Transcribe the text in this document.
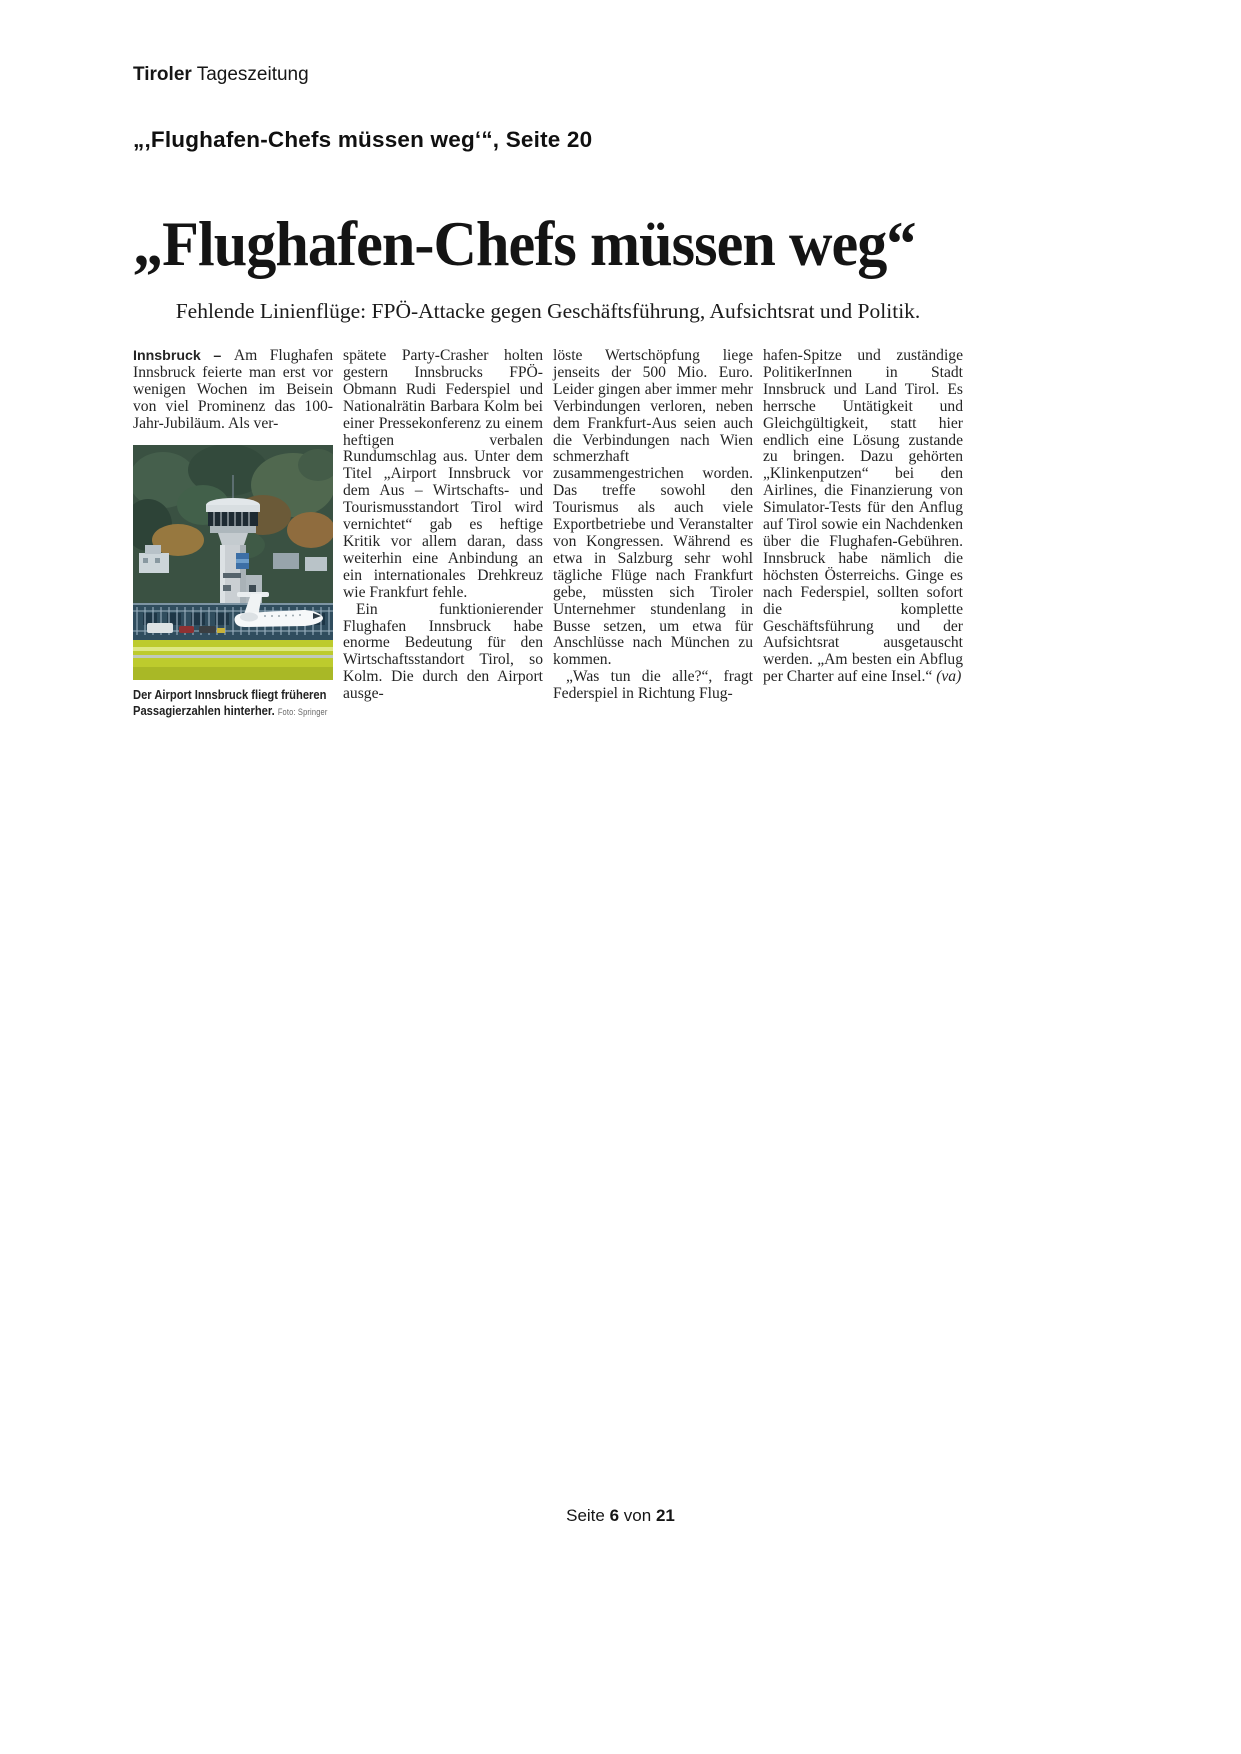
Tiroler Tageszeitung
„‚Flughafen-Chefs müssen weg‘“, Seite 20
„Flughafen-Chefs müssen weg“
Fehlende Linienflüge: FPÖ-Attacke gegen Geschäftsführung, Aufsichtsrat und Politik.

Innsbruck – Am Flughafen Innsbruck feierte man erst vor wenigen Wochen im Beisein von viel Prominenz das 100-Jahr-Jubiläum. Als ver-

Der Airport Innsbruck fliegt früheren Passagierzahlen hinterher. Foto: Springer

spätete Party-Crasher holten gestern Innsbrucks FPÖ-Obmann Rudi Federspiel und Nationalrätin Barbara Kolm bei einer Pressekonferenz zu einem heftigen verbalen Rundumschlag aus. Unter dem Titel „Airport Innsbruck vor dem Aus – Wirtschafts- und Tourismusstandort Tirol wird vernichtet“ gab es heftige Kritik vor allem daran, dass weiterhin eine Anbindung an ein internationales Drehkreuz wie Frankfurt fehle.

Ein funktionierender Flughafen Innsbruck habe enorme Bedeutung für den Wirtschaftsstandort Tirol, so Kolm. Die durch den Airport ausge-

löste Wertschöpfung liege jenseits der 500 Mio. Euro. Leider gingen aber immer mehr Verbindungen verloren, neben dem Frankfurt-Aus seien auch die Verbindungen nach Wien schmerzhaft zusammengestrichen worden. Das treffe sowohl den Tourismus als auch viele Exportbetriebe und Veranstalter von Kongressen. Während es etwa in Salzburg sehr wohl tägliche Flüge nach Frankfurt gebe, müssten sich Tiroler Unternehmer stundenlang in Busse setzen, um etwa für Anschlüsse nach München zu kommen.

„Was tun die alle?“, fragt Federspiel in Richtung Flug-

hafen-Spitze und zuständige PolitikerInnen in Stadt Innsbruck und Land Tirol. Es herrsche Untätigkeit und Gleichgültigkeit, statt hier endlich eine Lösung zustande zu bringen. Dazu gehörten „Klinkenputzen“ bei den Airlines, die Finanzierung von Simulator-Tests für den Anflug auf Tirol sowie ein Nachdenken über die Flughafen-Gebühren. Innsbruck habe nämlich die höchsten Österreichs. Ginge es nach Federspiel, sollten sofort die komplette Geschäftsführung und der Aufsichtsrat ausgetauscht werden. „Am besten ein Abflug per Charter auf eine Insel.“ (va)

Seite 6 von 21
